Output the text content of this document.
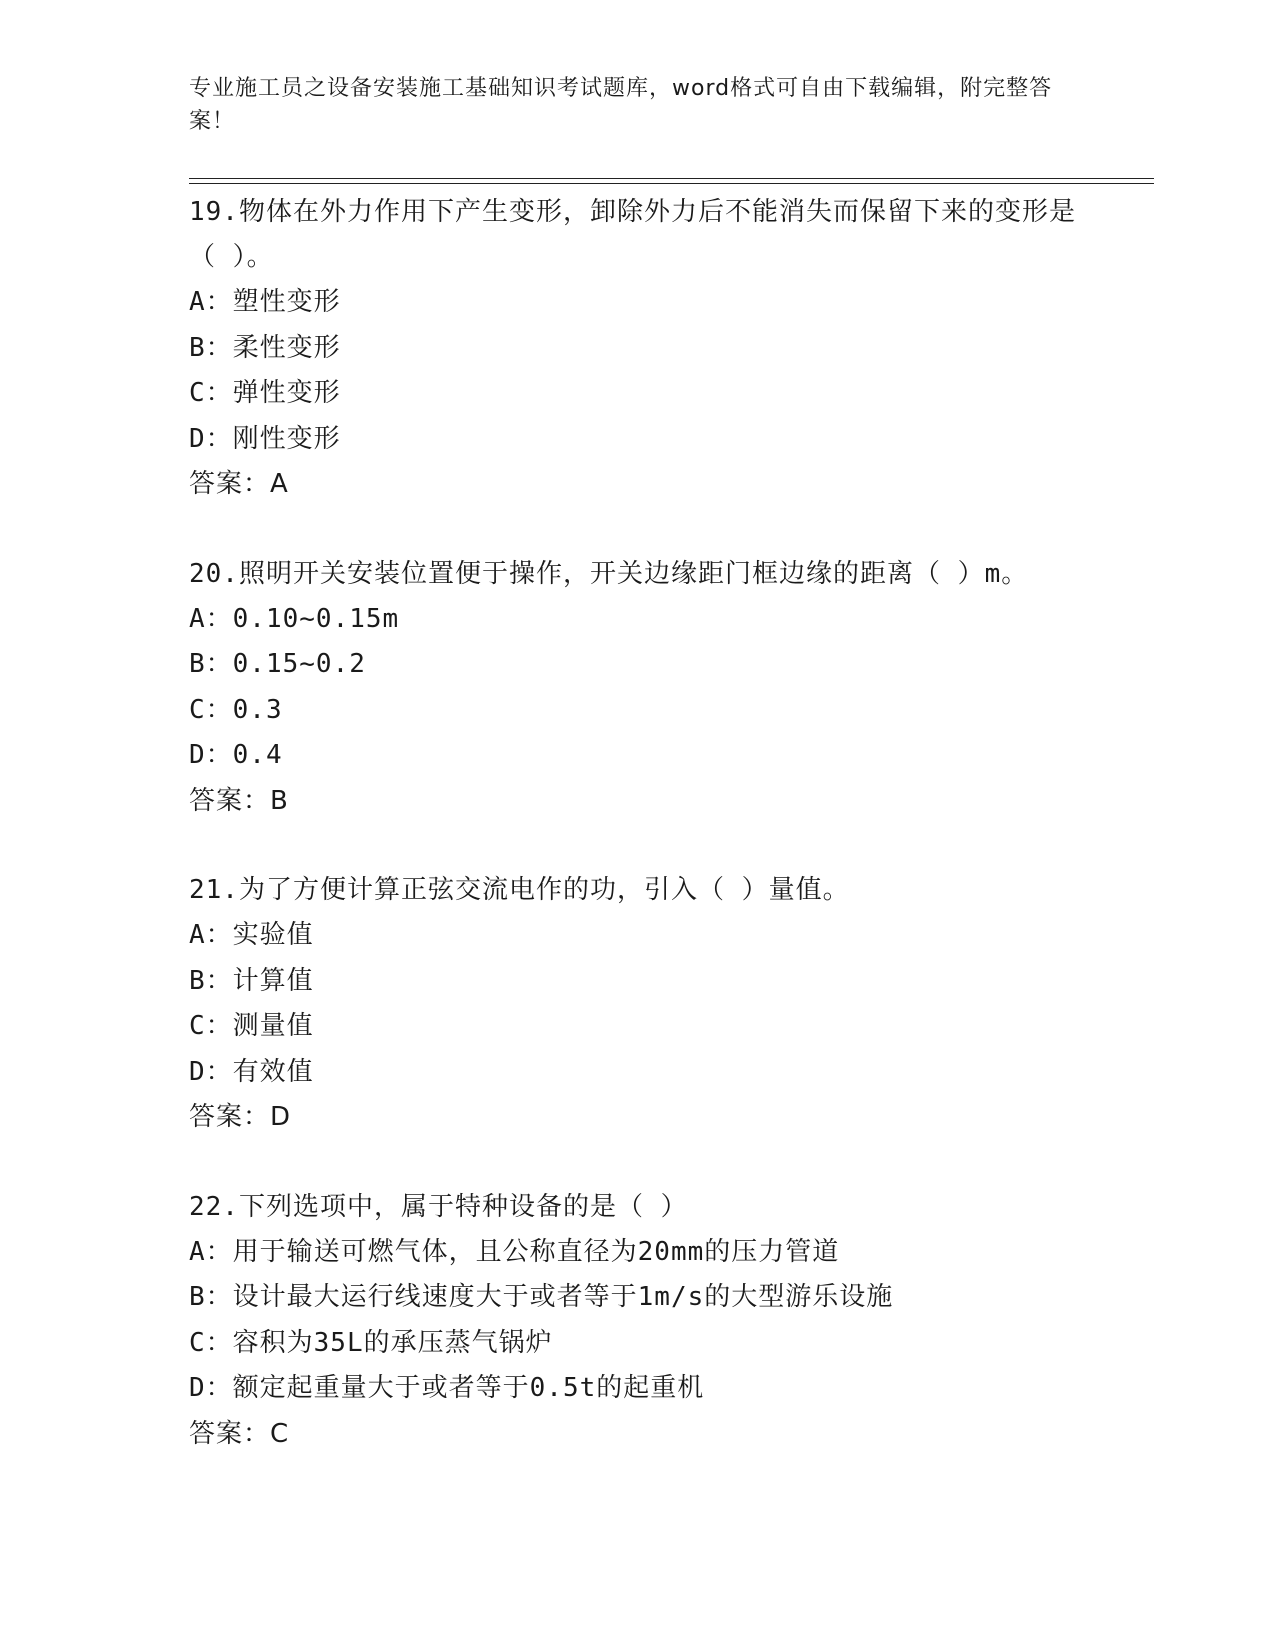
专业施工员之设备安装施工基础知识考试题库，word格式可自由下载编辑，附完整答案！

19.物体在外力作用下产生变形，卸除外力后不能消失而保留下来的变形是（ ）。

A：塑性变形

B：柔性变形

C：弹性变形

D：刚性变形

答案：A

20.照明开关安装位置便于操作，开关边缘距门框边缘的距离（ ）m。

A：0.10~0.15m

B：0.15~0.2

C：0.3

D：0.4

答案：B

21.为了方便计算正弦交流电作的功，引入（ ）量值。

A：实验值

B：计算值

C：测量值

D：有效值

答案：D

22.下列选项中，属于特种设备的是（ ）

A：用于输送可燃气体，且公称直径为20mm的压力管道

B：设计最大运行线速度大于或者等于1m/s的大型游乐设施

C：容积为35L的承压蒸气锅炉

D：额定起重量大于或者等于0.5t的起重机

答案：C
